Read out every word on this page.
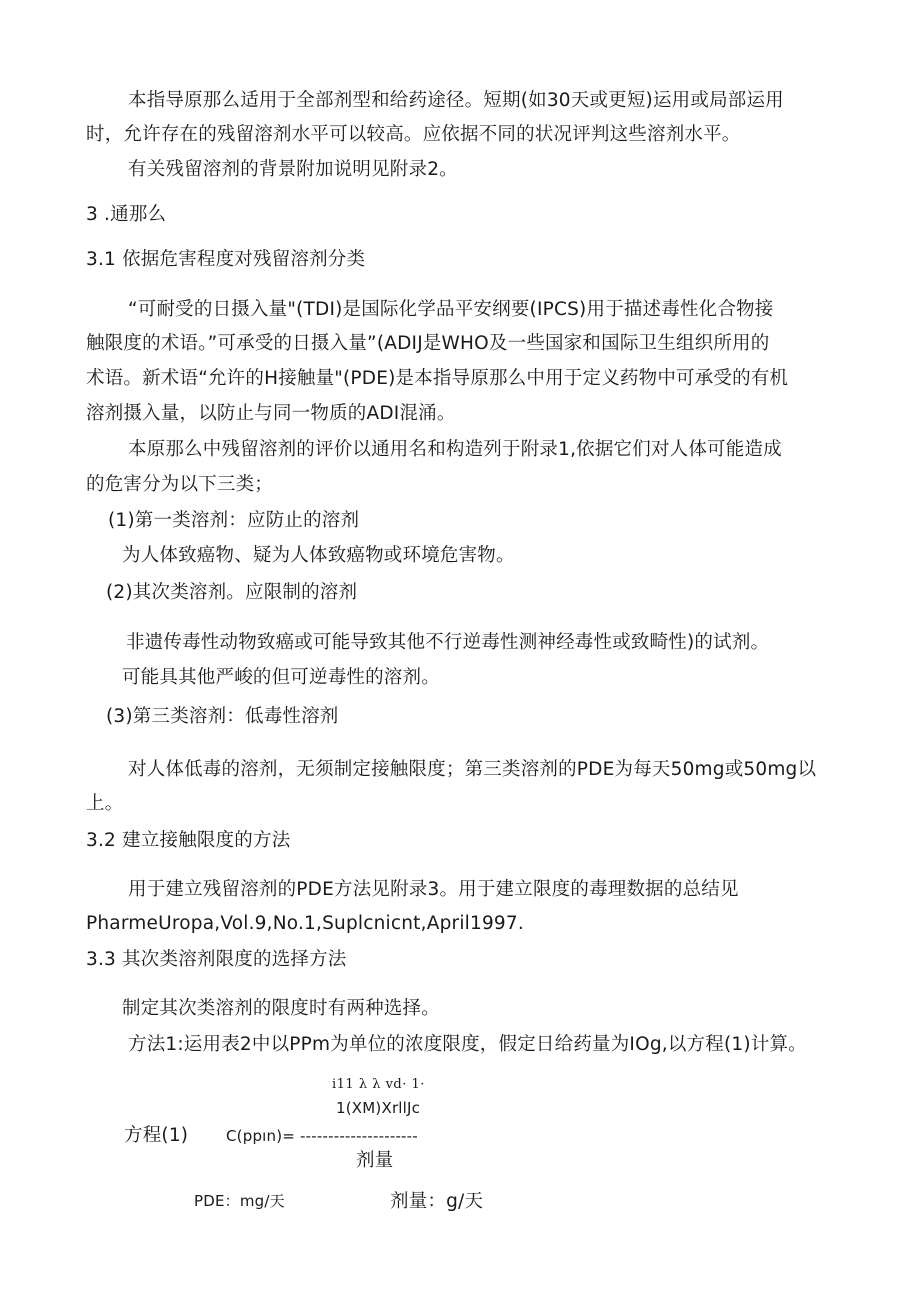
本指导原那么适用于全部剂型和给药途径。短期(如30天或更短)运用或局部运用
时，允许存在的残留溶剂水平可以较高。应依据不同的状况评判这些溶剂水平。
有关残留溶剂的背景附加说明见附录2。
3 .通那么
3.1 依据危害程度对残留溶剂分类
“可耐受的日摄入量"(TDI)是国际化学品平安纲要(IPCS)用于描述毒性化合物接
触限度的术语。”可承受的日摄入量”(ADIJ是WHO及一些国家和国际卫生组织所用的
术语。新术语“允许的H接触量"(PDE)是本指导原那么中用于定义药物中可承受的有机
溶剂摄入量，以防止与同一物质的ADI混涌。
本原那么中残留溶剂的评价以通用名和构造列于附录1,依据它们对人体可能造成
的危害分为以下三类；
(1)第一类溶剂：应防止的溶剂
为人体致癌物、疑为人体致癌物或环境危害物。
(2)其次类溶剂。应限制的溶剂
非遗传毒性动物致癌或可能导致其他不行逆毒性测神经毒性或致畸性)的试剂。
可能具其他严峻的但可逆毒性的溶剂。
(3)第三类溶剂：低毒性溶剂
对人体低毒的溶剂，无须制定接触限度；第三类溶剂的PDE为每天50mg或50mg以
上。
3.2 建立接触限度的方法
用于建立残留溶剂的PDE方法见附录3。用于建立限度的毒理数据的总结见
PharmeUropa,Vol.9,No.1,Suplcnicnt,April1997.
3.3 其次类溶剂限度的选择方法
制定其次类溶剂的限度时有两种选择。
方法1:运用表2中以PPm为单位的浓度限度，假定日给药量为IOg,以方程(1)计算。
i11 λ λ vd· 1·
1(XM)XrllJc
方程(1)	C(ppın)= ---------------------
剂量
PDE：mg/天	剂量：g/天
